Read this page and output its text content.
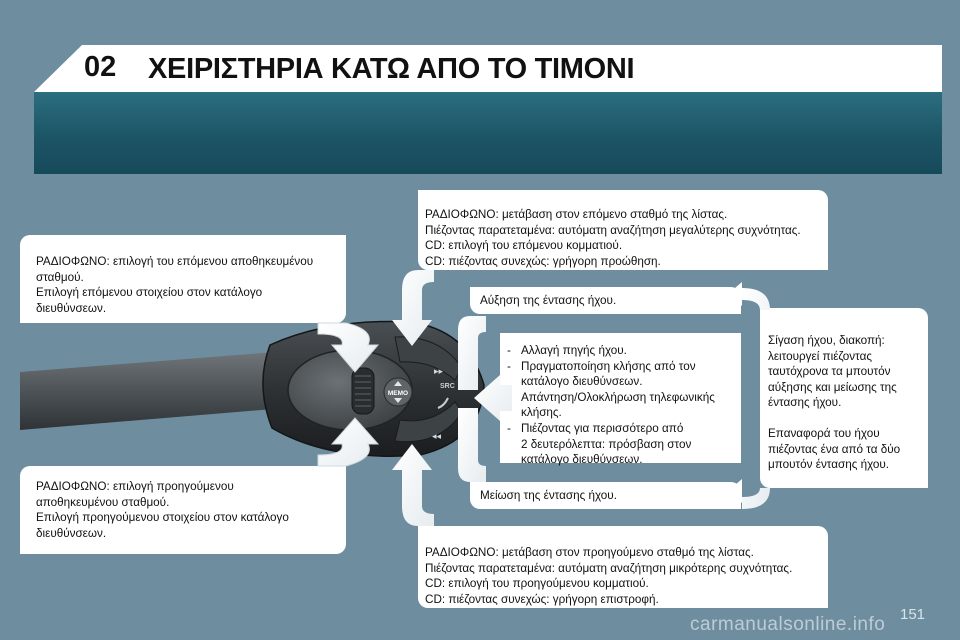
02 ΧΕΙΡΙΣΤΗΡΙΑ ΚΑΤΩ ΑΠΟ ΤΟ ΤΙΜΟΝΙ

ΡΑΔΙΟΦΩΝΟ: επιλογή του επόμενου αποθηκευμένου

σταθμού.

Επιλογή επόμενου στοιχείου στον κατάλογο

διευθύνσεων.

ΡΑΔΙΟΦΩΝΟ: επιλογή προηγούμενου

αποθηκευμένου σταθμού.

Επιλογή προηγούμενου στοιχείου στον κατάλογο

διευθύνσεων.

ΡΑΔΙΟΦΩΝΟ: μετάβαση στον επόμενο σταθμό της λίστας.

Πιέζοντας παρατεταμένα: αυτόματη αναζήτηση μεγαλύτερης συχνότητας.

CD: επιλογή του επόμενου κομματιού.

CD: πιέζοντας συνεχώς: γρήγορη προώθηση.

Αύξηση της έντασης ήχου.

- Αλλαγή πηγής ήχου.
- Πραγματοποίηση κλήσης από τον
κατάλογο διευθύνσεων.
- Απάντηση/Ολοκλήρωση τηλεφωνικής
κλήσης.
- Πιέζοντας για περισσότερο από
2 δευτερόλεπτα: πρόσβαση στον
κατάλογο διευθύνσεων.

Μείωση της έντασης ήχου.

Σίγαση ήχου, διακοπή:

λειτουργεί πιέζοντας

ταυτόχρονα τα μπουτόν

αύξησης και μείωσης της

έντασης ήχου.

Επαναφορά του ήχου

πιέζοντας ένα από τα δύο

μπουτόν έντασης ήχου.

ΡΑΔΙΟΦΩΝΟ: μετάβαση στον προηγούμενο σταθμό της λίστας.

Πιέζοντας παρατεταμένα: αυτόματη αναζήτηση μικρότερης συχνότητας.

CD: επιλογή του προηγούμενου κομματιού.

CD: πιέζοντας συνεχώς: γρήγορη επιστροφή.

MEMO
SRC
▸▸
◂◂
151
carmanualsonline.info
